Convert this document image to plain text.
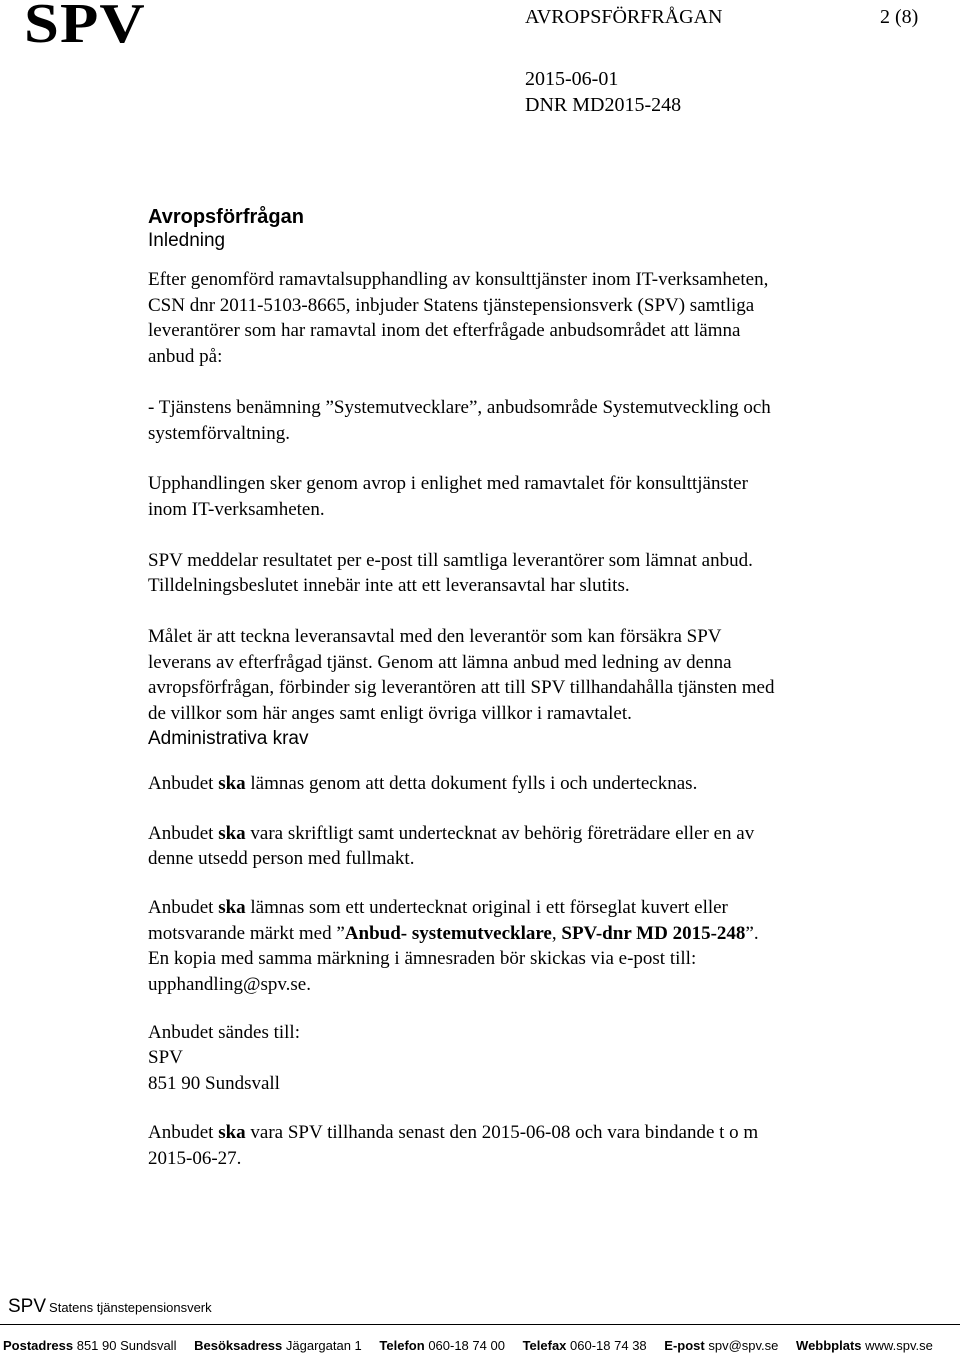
SPV	AVROPSFÖRFRÅGAN	2 (8)
2015-06-01
DNR MD2015-248
Avropsförfrågan
Inledning

Efter genomförd ramavtalsupphandling av konsulttjänster inom IT-verksamheten,
CSN dnr 2011-5103-8665, inbjuder Statens tjänstepensionsverk (SPV) samtliga
leverantörer som har ramavtal inom det efterfrågade anbudsområdet att lämna
anbud på:

- Tjänstens benämning ”Systemutvecklare”, anbudsområde Systemutveckling och
systemförvaltning.

Upphandlingen sker genom avrop i enlighet med ramavtalet för konsulttjänster
inom IT-verksamheten.

SPV meddelar resultatet per e-post till samtliga leverantörer som lämnat anbud.
Tilldelningsbeslutet innebär inte att ett leveransavtal har slutits.

Målet är att teckna leveransavtal med den leverantör som kan försäkra SPV
leverans av efterfrågad tjänst. Genom att lämna anbud med ledning av denna
avropsförfrågan, förbinder sig leverantören att till SPV tillhandahålla tjänsten med
de villkor som här anges samt enligt övriga villkor i ramavtalet.

Administrativa krav

Anbudet ska lämnas genom att detta dokument fylls i och undertecknas.

Anbudet ska vara skriftligt samt undertecknat av behörig företrädare eller en av
denne utsedd person med fullmakt.

Anbudet ska lämnas som ett undertecknat original i ett förseglat kuvert eller
motsvarande märkt med ”Anbud- systemutvecklare, SPV-dnr MD 2015-248”.
En kopia med samma märkning i ämnesraden bör skickas via e-post till:
upphandling@spv.se.

Anbudet sändes till:
SPV
851 90 Sundsvall

Anbudet ska vara SPV tillhanda senast den 2015-06-08 och vara bindande t o m
2015-06-27.

SPV Statens tjänstepensionsverk
Postadress 851 90 Sundsvall Besöksadress Jägargatan 1 Telefon 060-18 74 00 Telefax 060-18 74 38 E-post spv@spv.se Webbplats www.spv.se
